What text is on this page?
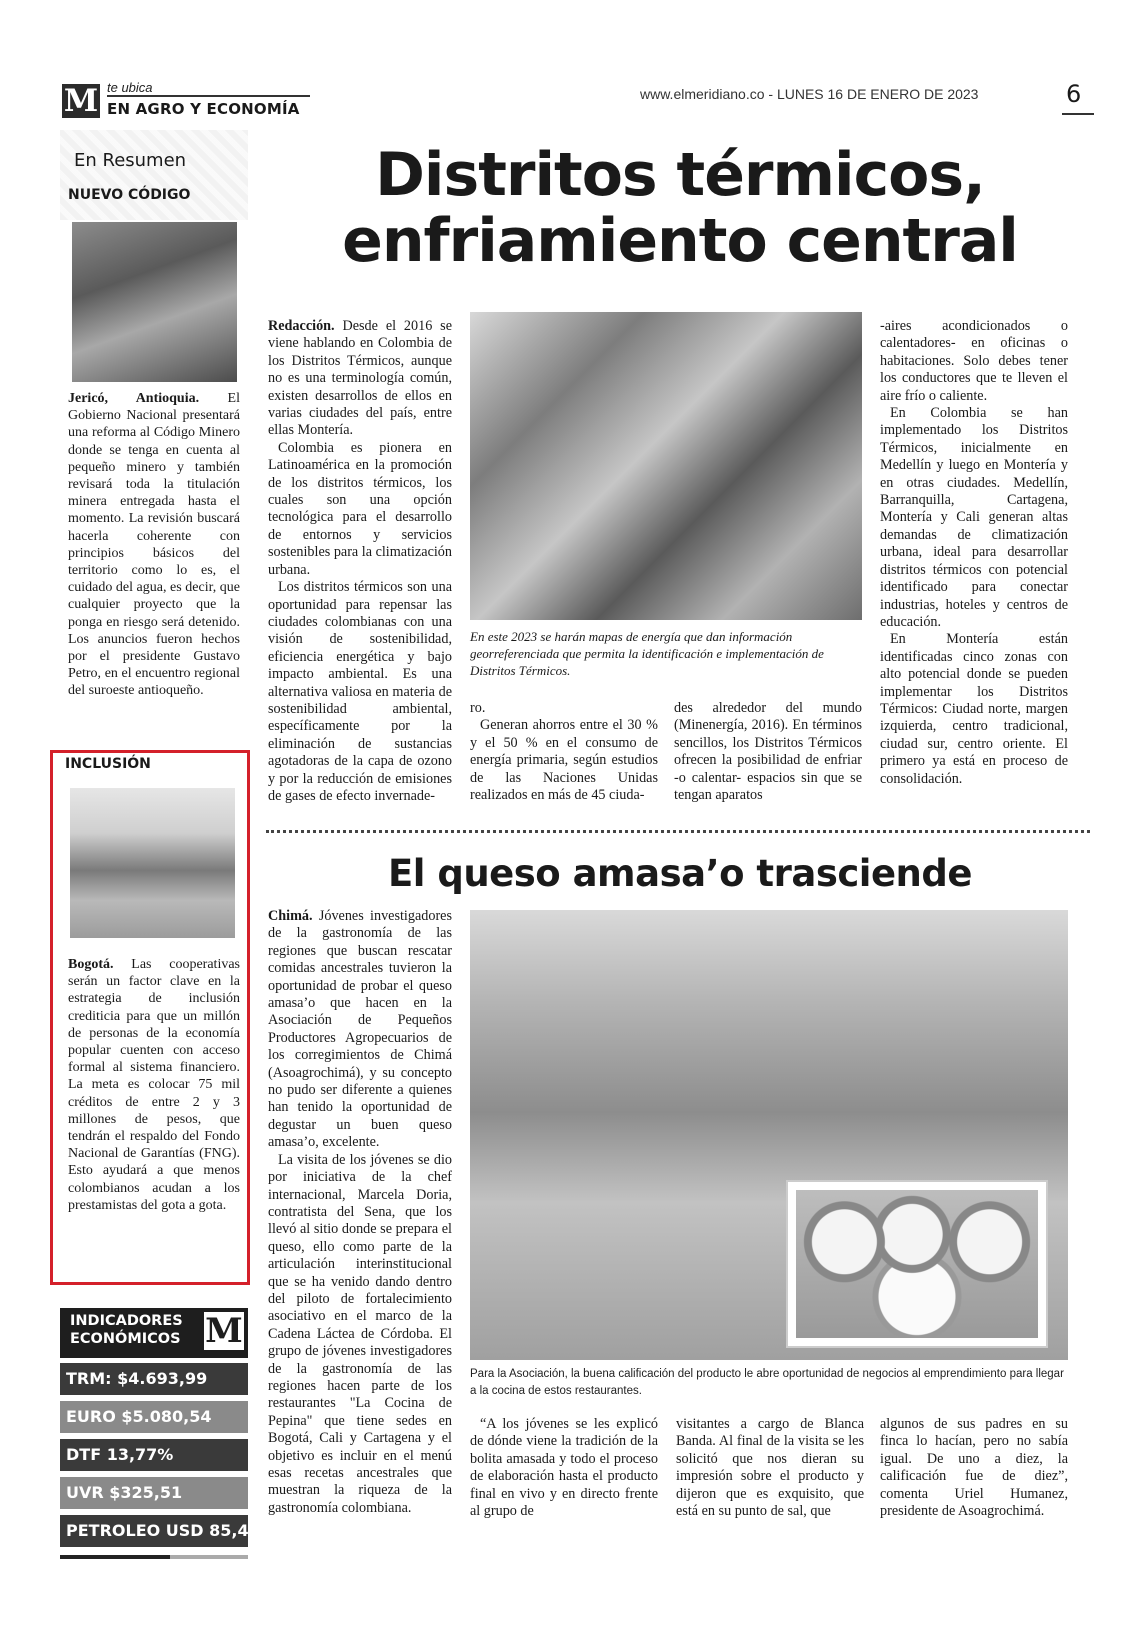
M te ubica
EN AGRO Y ECONOMÍA
www.elmeridiano.co - LUNES 16 DE ENERO DE 2023	6
En Resumen
NUEVO CÓDIGO
Jericó, Antioquia. El Gobierno Nacional presentará una reforma al Código Minero donde se tenga en cuenta al pequeño minero y también revisará toda la titulación minera entregada hasta el momento. La revisión buscará hacerla coherente con principios básicos del territorio como lo es, el cuidado del agua, es decir, que cualquier proyecto que la ponga en riesgo será detenido. Los anuncios fueron hechos por el presidente Gustavo Petro, en el encuentro regional del suroeste antioqueño.
INCLUSIÓN
Bogotá. Las cooperativas serán un factor clave en la estrategia de inclusión crediticia para que un millón de personas de la economía popular cuenten con acceso formal al sistema financiero. La meta es colocar 75 mil créditos de entre 2 y 3 millones de pesos, que tendrán el respaldo del Fondo Nacional de Garantías (FNG). Esto ayudará a que menos colombianos acudan a los prestamistas del gota a gota.
INDICADORES
ECONÓMICOS M
TRM: $4.693,99
EURO $5.080,54
DTF 13,77%
UVR $325,51
PETROLEO USD 85,49
Distritos térmicos,
enfriamiento central

Redacción. Desde el 2016 se viene hablando en Colombia de los Distritos Térmicos, aunque no es una terminología común, existen desarrollos de ellos en varias ciudades del país, entre ellas Montería.

Colombia es pionera en Latinoamérica en la promoción de los distritos térmicos, los cuales son una opción tecnológica para el desarrollo de entornos y servicios sostenibles para la climatización urbana.

Los distritos térmicos son una oportunidad para repensar las ciudades colombianas con una visión de sostenibilidad, eficiencia energética y bajo impacto ambiental. Es una alternativa valiosa en materia de sostenibilidad ambiental, específicamente por la eliminación de sustancias agotadoras de la capa de ozono y por la reducción de emisiones de gases de efecto invernade-

En este 2023 se harán mapas de energía que dan información georreferenciada que permita la identificación e implementación de Distritos Térmicos.

ro.

Generan ahorros entre el 30 % y el 50 % en el consumo de energía primaria, según estudios de las Naciones Unidas realizados en más de 45 ciuda-

des alrededor del mundo (Minenergía, 2016). En términos sencillos, los Distritos Térmicos ofrecen la posibilidad de enfriar -o calentar- espacios sin que se tengan aparatos

-aires acondicionados o calentadores- en oficinas o habitaciones. Solo debes tener los conductores que te lleven el aire frío o caliente.

En Colombia se han implementado los Distritos Térmicos, inicialmente en Medellín y luego en Montería y en otras ciudades. Medellín, Barranquilla, Cartagena, Montería y Cali generan altas demandas de climatización urbana, ideal para desarrollar distritos térmicos con potencial identificado para conectar industrias, hoteles y centros de educación.

En Montería están identificadas cinco zonas con alto potencial donde se pueden implementar los Distritos Térmicos: Ciudad norte, margen izquierda, centro tradicional, ciudad sur, centro oriente. El primero ya está en proceso de consolidación.

El queso amasa’o trasciende

Chimá. Jóvenes investigadores de la gastronomía de las regiones que buscan rescatar comidas ancestrales tuvieron la oportunidad de probar el queso amasa’o que hacen en la Asociación de Pequeños Productores Agropecuarios de los corregimientos de Chimá (Asoagrochimá), y su concepto no pudo ser diferente a quienes han tenido la oportunidad de degustar un buen queso amasa’o, excelente.

La visita de los jóvenes se dio por iniciativa de la chef internacional, Marcela Doria, contratista del Sena, que los llevó al sitio donde se prepara el queso, ello como parte de la articulación interinstitucional que se ha venido dando dentro del piloto de fortalecimiento asociativo en el marco de la Cadena Láctea de Córdoba. El grupo de jóvenes investigadores de la gastronomía de las regiones hacen parte de los restaurantes "La Cocina de Pepina" que tiene sedes en Bogotá, Cali y Cartagena y el objetivo es incluir en el menú esas recetas ancestrales que muestran la riqueza de la gastronomía colombiana.

Para la Asociación, la buena calificación del producto le abre oportunidad de negocios al emprendimiento para llegar a la cocina de estos restaurantes.

“A los jóvenes se les explicó de dónde viene la tradición de la bolita amasada y todo el proceso de elaboración hasta el producto final en vivo y en directo frente al grupo de

visitantes a cargo de Blanca Banda. Al final de la visita se les solicitó que nos dieran su impresión sobre el producto y dijeron que es exquisito, que está en su punto de sal, que

algunos de sus padres en su finca lo hacían, pero no sabía igual. De uno a diez, la calificación fue de diez”, comenta Uriel Humanez, presidente de Asoagrochimá.
